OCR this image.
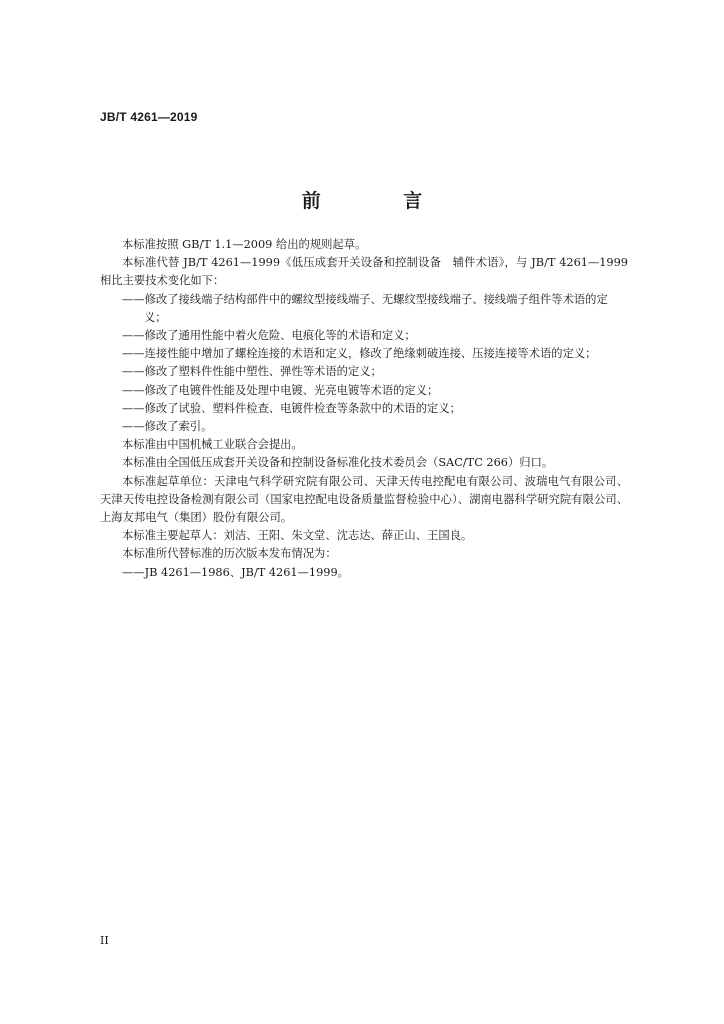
JB/T 4261—2019
前 言

本标准按照 GB/T 1.1—2009 给出的规则起草。

本标准代替 JB/T 4261—1999《低压成套开关设备和控制设备　辅件术语》，与 JB/T 4261—1999 相比主要技术变化如下：

——修改了接线端子结构部件中的螺纹型接线端子、无螺纹型接线端子、接线端子组件等术语的定义；

——修改了通用性能中着火危险、电痕化等的术语和定义；

——连接性能中增加了螺栓连接的术语和定义，修改了绝缘刺破连接、压接连接等术语的定义；

——修改了塑料件性能中塑性、弹性等术语的定义；

——修改了电镀件性能及处理中电镀、光亮电镀等术语的定义；

——修改了试验、塑料件检查、电镀件检查等条款中的术语的定义；

——修改了索引。

本标准由中国机械工业联合会提出。

本标准由全国低压成套开关设备和控制设备标准化技术委员会（SAC/TC 266）归口。

本标准起草单位：天津电气科学研究院有限公司、天津天传电控配电有限公司、波瑞电气有限公司、天津天传电控设备检测有限公司（国家电控配电设备质量监督检验中心）、湖南电器科学研究院有限公司、上海友邦电气（集团）股份有限公司。

本标准主要起草人：刘洁、王阳、朱文堂、沈志达、薛正山、王国良。

本标准所代替标准的历次版本发布情况为：

——JB 4261—1986、JB/T 4261—1999。

II
